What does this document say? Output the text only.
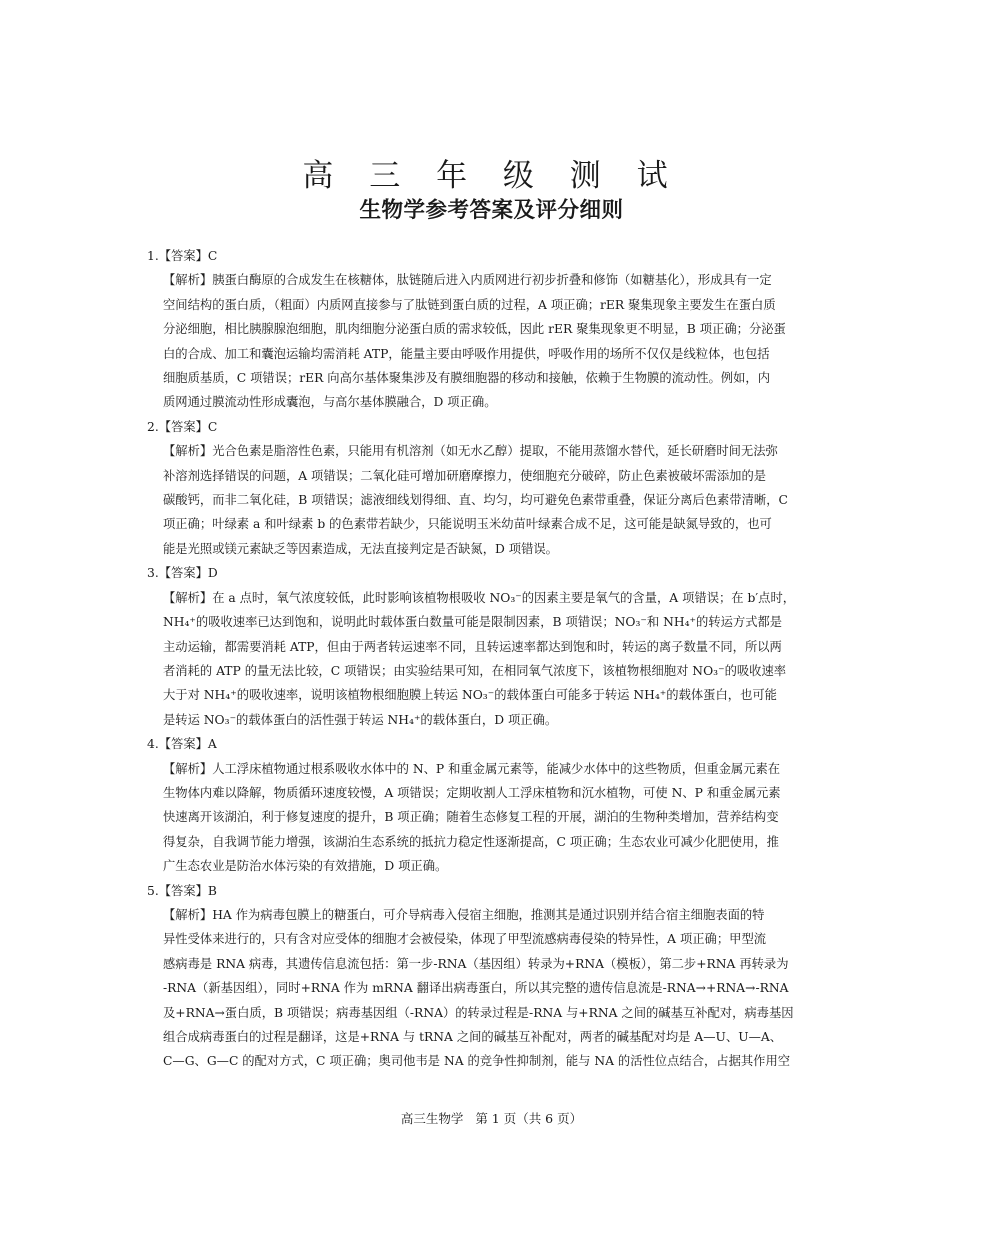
高 三 年 级 测 试
生物学参考答案及评分细则

1.【答案】C

【解析】胰蛋白酶原的合成发生在核糖体，肽链随后进入内质网进行初步折叠和修饰（如糖基化），形成具有一定

空间结构的蛋白质，（粗面）内质网直接参与了肽链到蛋白质的过程，A 项正确；rER 聚集现象主要发生在蛋白质

分泌细胞，相比胰腺腺泡细胞，肌肉细胞分泌蛋白质的需求较低，因此 rER 聚集现象更不明显，B 项正确；分泌蛋

白的合成、加工和囊泡运输均需消耗 ATP，能量主要由呼吸作用提供，呼吸作用的场所不仅仅是线粒体，也包括

细胞质基质，C 项错误；rER 向高尔基体聚集涉及有膜细胞器的移动和接触，依赖于生物膜的流动性。例如，内

质网通过膜流动性形成囊泡，与高尔基体膜融合，D 项正确。

2.【答案】C

【解析】光合色素是脂溶性色素，只能用有机溶剂（如无水乙醇）提取，不能用蒸馏水替代，延长研磨时间无法弥

补溶剂选择错误的问题，A 项错误；二氧化硅可增加研磨摩擦力，使细胞充分破碎，防止色素被破坏需添加的是

碳酸钙，而非二氧化硅，B 项错误；滤液细线划得细、直、均匀，均可避免色素带重叠，保证分离后色素带清晰，C

项正确；叶绿素 a 和叶绿素 b 的色素带若缺少，只能说明玉米幼苗叶绿素合成不足，这可能是缺氮导致的，也可

能是光照或镁元素缺乏等因素造成，无法直接判定是否缺氮，D 项错误。

3.【答案】D

【解析】在 a 点时，氧气浓度较低，此时影响该植物根吸收 NO₃⁻的因素主要是氧气的含量，A 项错误；在 b′点时，

NH₄⁺的吸收速率已达到饱和，说明此时载体蛋白数量可能是限制因素，B 项错误；NO₃⁻和 NH₄⁺的转运方式都是

主动运输，都需要消耗 ATP，但由于两者转运速率不同，且转运速率都达到饱和时，转运的离子数量不同，所以两

者消耗的 ATP 的量无法比较，C 项错误；由实验结果可知，在相同氧气浓度下，该植物根细胞对 NO₃⁻的吸收速率

大于对 NH₄⁺的吸收速率，说明该植物根细胞膜上转运 NO₃⁻的载体蛋白可能多于转运 NH₄⁺的载体蛋白，也可能

是转运 NO₃⁻的载体蛋白的活性强于转运 NH₄⁺的载体蛋白，D 项正确。

4.【答案】A

【解析】人工浮床植物通过根系吸收水体中的 N、P 和重金属元素等，能减少水体中的这些物质，但重金属元素在

生物体内难以降解，物质循环速度较慢，A 项错误；定期收割人工浮床植物和沉水植物，可使 N、P 和重金属元素

快速离开该湖泊，利于修复速度的提升，B 项正确；随着生态修复工程的开展，湖泊的生物种类增加，营养结构变

得复杂，自我调节能力增强，该湖泊生态系统的抵抗力稳定性逐渐提高，C 项正确；生态农业可减少化肥使用，推

广生态农业是防治水体污染的有效措施，D 项正确。

5.【答案】B

【解析】HA 作为病毒包膜上的糖蛋白，可介导病毒入侵宿主细胞，推测其是通过识别并结合宿主细胞表面的特

异性受体来进行的，只有含对应受体的细胞才会被侵染，体现了甲型流感病毒侵染的特异性，A 项正确；甲型流

感病毒是 RNA 病毒，其遗传信息流包括：第一步-RNA（基因组）转录为+RNA（模板），第二步+RNA 再转录为

-RNA（新基因组），同时+RNA 作为 mRNA 翻译出病毒蛋白，所以其完整的遗传信息流是-RNA→+RNA→-RNA

及+RNA→蛋白质，B 项错误；病毒基因组（-RNA）的转录过程是-RNA 与+RNA 之间的碱基互补配对，病毒基因

组合成病毒蛋白的过程是翻译，这是+RNA 与 tRNA 之间的碱基互补配对，两者的碱基配对均是 A—U、U—A、

C—G、G—C 的配对方式，C 项正确；奥司他韦是 NA 的竞争性抑制剂，能与 NA 的活性位点结合，占据其作用空

高三生物学 第 1 页（共 6 页）
